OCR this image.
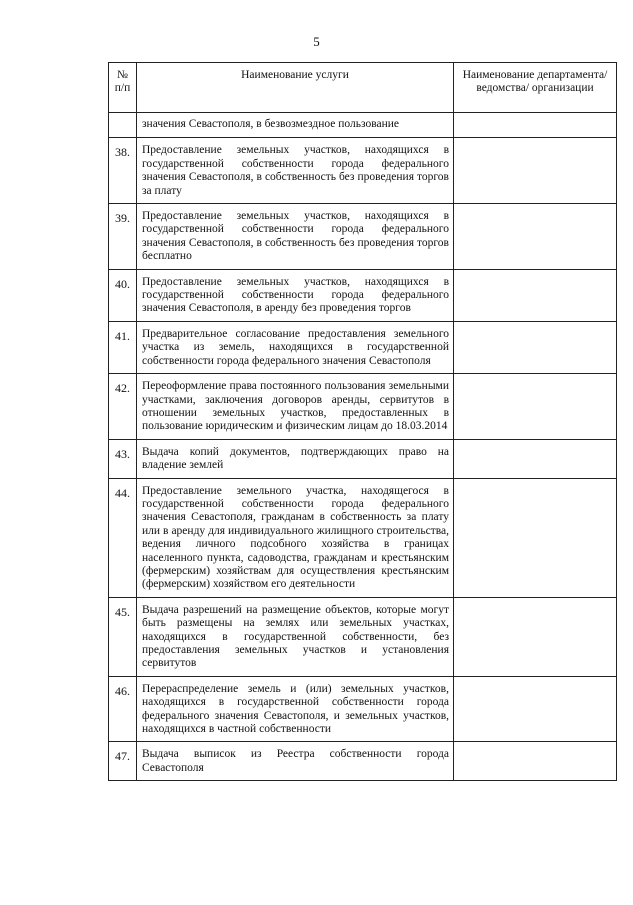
5
№
п/п	Наименование услуги	Наименование департамента/ведомства/ организации

	значения Севастополя, в безвозмездное пользование	

38.	Предоставление земельных участков, находящихся в государственной собственности города федерального значения Севастополя, в собственность без проведения торгов за плату	

39.	Предоставление земельных участков, находящихся в государственной собственности города федерального значения Севастополя, в собственность без проведения торгов бесплатно	

40.	Предоставление земельных участков, находящихся в государственной собственности города федерального значения Севастополя, в аренду без проведения торгов	

41.	Предварительное согласование предоставления земельного участка из земель, находящихся в государственной собственности города федерального значения Севастополя	

42.	Переоформление права постоянного пользования земельными участками, заключения договоров аренды, сервитутов в отношении земельных участков, предоставленных в пользование юридическим и физическим лицам до 18.03.2014	

43.	Выдача копий документов, подтверждающих право на владение землей	

44.	Предоставление земельного участка, находящегося в государственной собственности города федерального значения Севастополя, гражданам в собственность за плату или в аренду для индивидуального жилищного строительства, ведения личного подсобного хозяйства в границах населенного пункта, садоводства, гражданам и крестьянским (фермерским) хозяйствам для осуществления крестьянским (фермерским) хозяйством его деятельности	

45.	Выдача разрешений на размещение объектов, которые могут быть размещены на землях или земельных участках, находящихся в государственной собственности, без предоставления земельных участков и установления сервитутов	

46.	Перераспределение земель и (или) земельных участков, находящихся в государственной собственности города федерального значения Севастополя, и земельных участков, находящихся в частной собственности	

47.	Выдача выписок из Реестра собственности города Севастополя	
